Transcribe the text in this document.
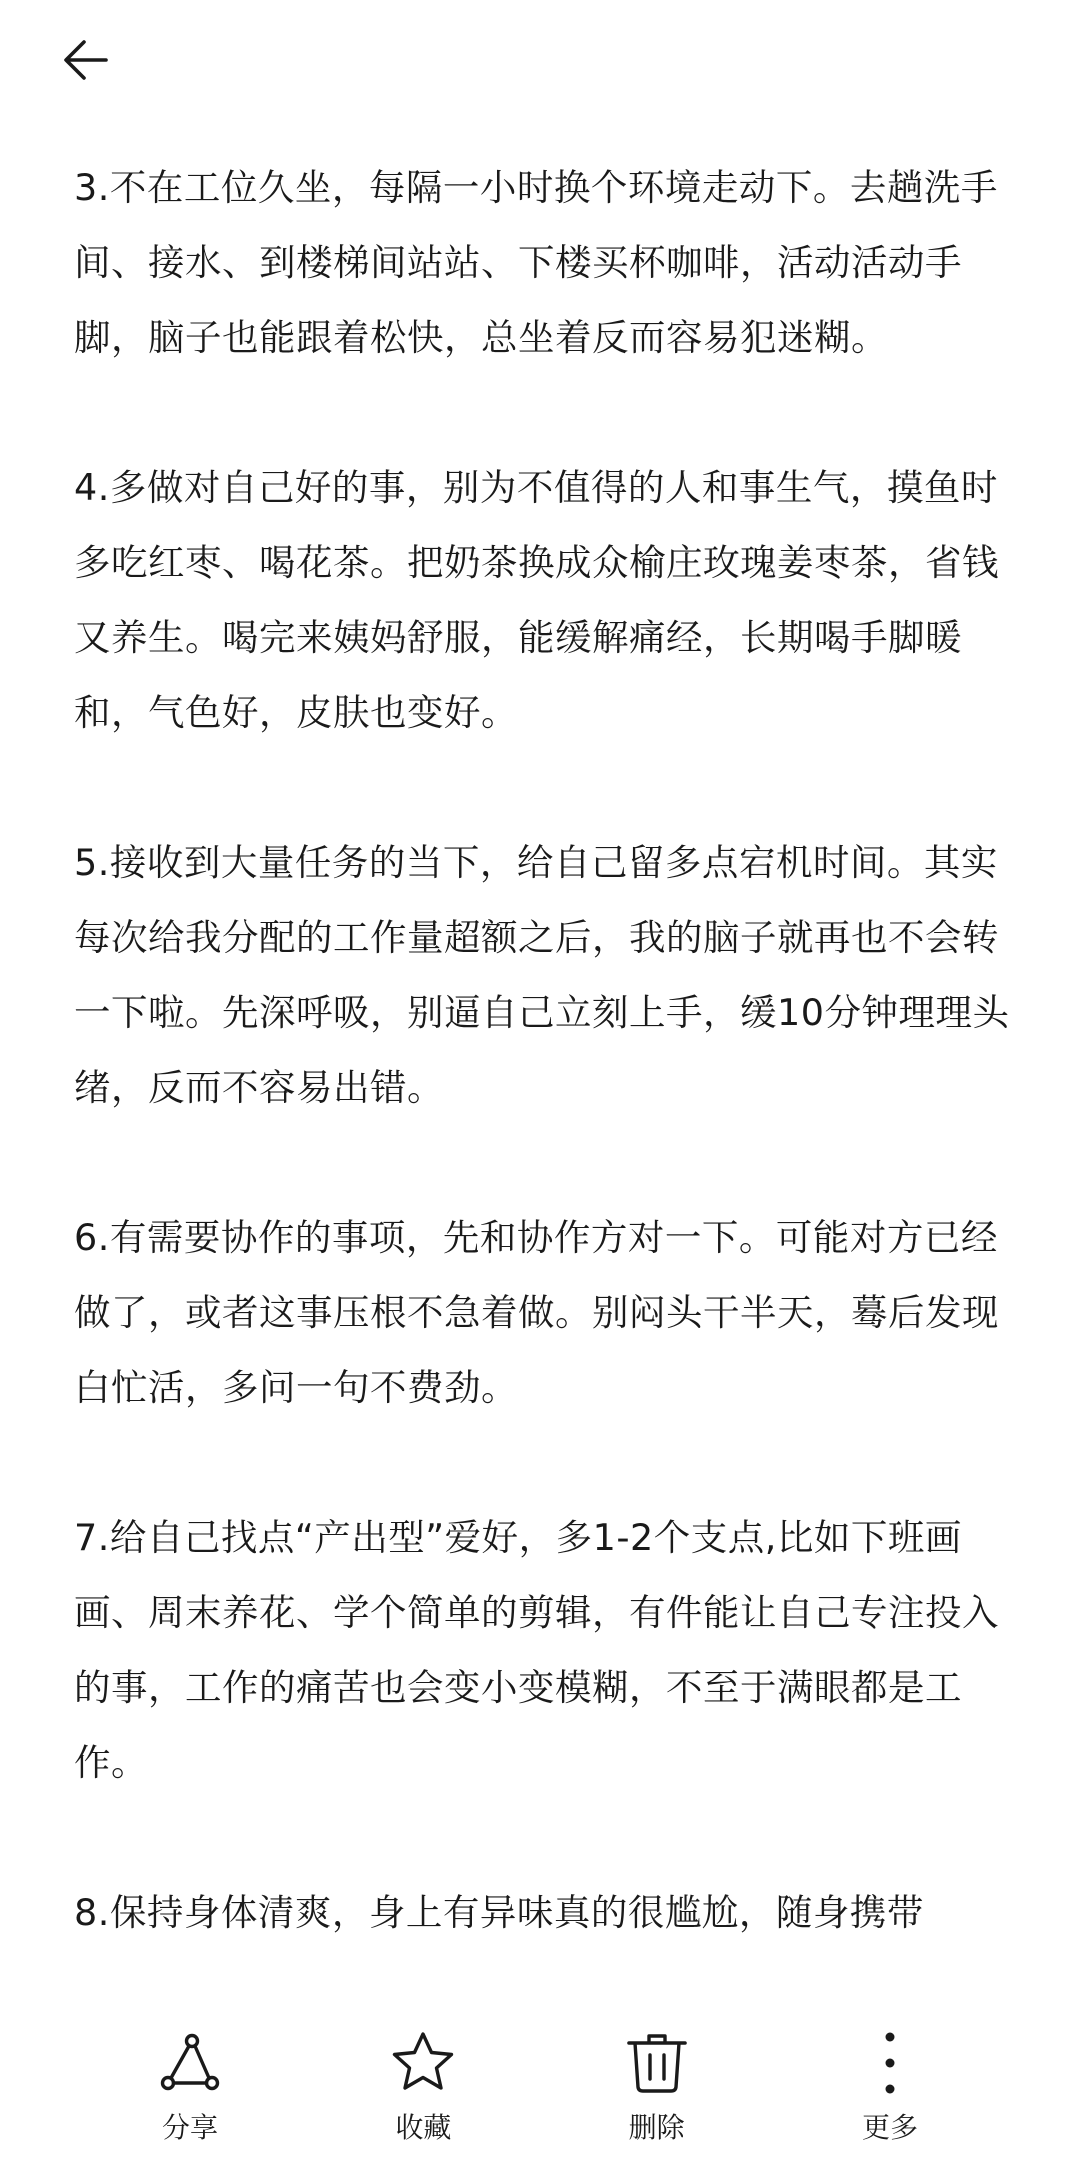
3.不在工位久坐，每隔一小时换个环境走动下。去趟洗手间、接水、到楼梯间站站、下楼买杯咖啡，活动活动手脚，脑子也能跟着松快，总坐着反而容易犯迷糊。

4.多做对自己好的事，别为不值得的人和事生气，摸鱼时多吃红枣、喝花茶。把奶茶换成众榆庄玫瑰姜枣茶，省钱又养生。喝完来姨妈舒服，能缓解痛经，长期喝手脚暖和，气色好，皮肤也变好。

5.接收到大量任务的当下，给自己留多点宕机时间。其实每次给我分配的工作量超额之后，我的脑子就再也不会转一下啦。先深呼吸，别逼自己立刻上手，缓10分钟理理头绪，反而不容易出错。

6.有需要协作的事项，先和协作方对一下。可能对方已经做了，或者这事压根不急着做。别闷头干半天，蓦后发现白忙活，多问一句不费劲。

7.给自己找点“产出型”爱好，多1-2个支点,比如下班画画、周末养花、学个简单的剪辑，有件能让自己专注投入的事，工作的痛苦也会变小变模糊，不至于满眼都是工作。

8.保持身体清爽，身上有异味真的很尴尬，随身携带

分享	收藏	删除	更多
